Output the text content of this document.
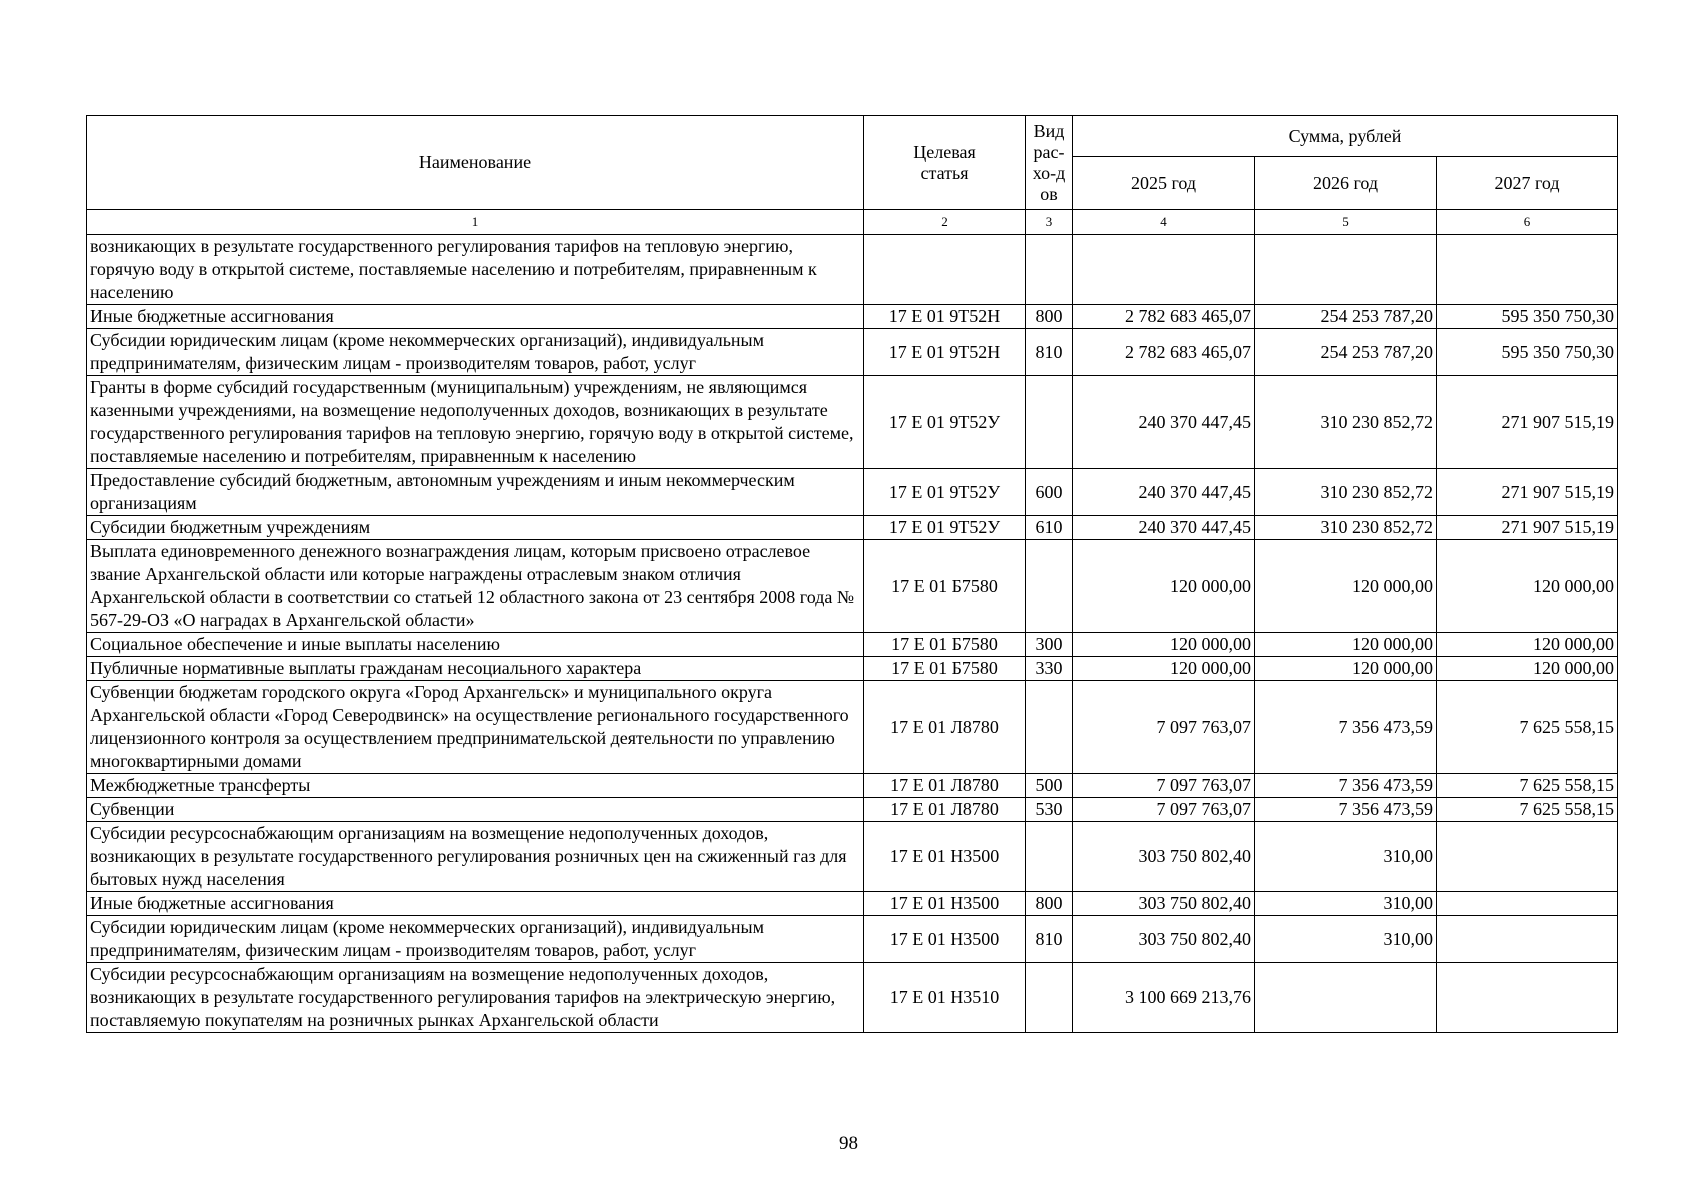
Наименование	Целевая статья	Вид рас-хо-дов	Сумма, рублей		
			2025 год	2026 год	2027 год
1	2	3	4	5	6
возникающих в результате государственного регулирования тарифов на тепловую энергию, горячую воду в открытой системе, поставляемые населению и потребителям, приравненным к населению					
Иные бюджетные ассигнования	17 Е 01 9Т52Н	800	2 782 683 465,07	254 253 787,20	595 350 750,30
Субсидии юридическим лицам (кроме некоммерческих организаций), индивидуальным предпринимателям, физическим лицам - производителям товаров, работ, услуг	17 Е 01 9Т52Н	810	2 782 683 465,07	254 253 787,20	595 350 750,30
Гранты в форме субсидий государственным (муниципальным) учреждениям, не являющимся казенными учреждениями, на возмещение недополученных доходов, возникающих в результате государственного регулирования тарифов на тепловую энергию, горячую воду в открытой системе, поставляемые населению и потребителям, приравненным к населению	17 Е 01 9Т52У		240 370 447,45	310 230 852,72	271 907 515,19
Предоставление субсидий бюджетным, автономным учреждениям и иным некоммерческим организациям	17 Е 01 9Т52У	600	240 370 447,45	310 230 852,72	271 907 515,19
Субсидии бюджетным учреждениям	17 Е 01 9Т52У	610	240 370 447,45	310 230 852,72	271 907 515,19
Выплата единовременного денежного вознаграждения лицам, которым присвоено отраслевое звание Архангельской области или которые награждены отраслевым знаком отличия Архангельской области в соответствии со статьей 12 областного закона от 23 сентября 2008 года № 567-29-ОЗ «О наградах в Архангельской области»	17 Е 01 Б7580		120 000,00	120 000,00	120 000,00
Социальное обеспечение и иные выплаты населению	17 Е 01 Б7580	300	120 000,00	120 000,00	120 000,00
Публичные нормативные выплаты гражданам несоциального характера	17 Е 01 Б7580	330	120 000,00	120 000,00	120 000,00
Субвенции бюджетам городского округа «Город Архангельск» и муниципального округа Архангельской области «Город Северодвинск» на осуществление регионального государственного лицензионного контроля за осуществлением предпринимательской деятельности по управлению многоквартирными домами	17 Е 01 Л8780		7 097 763,07	7 356 473,59	7 625 558,15
Межбюджетные трансферты	17 Е 01 Л8780	500	7 097 763,07	7 356 473,59	7 625 558,15
Субвенции	17 Е 01 Л8780	530	7 097 763,07	7 356 473,59	7 625 558,15
Субсидии ресурсоснабжающим организациям на возмещение недополученных доходов, возникающих в результате государственного регулирования розничных цен на сжиженный газ для бытовых нужд населения	17 Е 01 Н3500		303 750 802,40	310,00	
Иные бюджетные ассигнования	17 Е 01 Н3500	800	303 750 802,40	310,00	
Субсидии юридическим лицам (кроме некоммерческих организаций), индивидуальным предпринимателям, физическим лицам - производителям товаров, работ, услуг	17 Е 01 Н3500	810	303 750 802,40	310,00	
Субсидии ресурсоснабжающим организациям на возмещение недополученных доходов, возникающих в результате государственного регулирования тарифов на электрическую энергию, поставляемую покупателям на розничных рынках Архангельской области	17 Е 01 Н3510		3 100 669 213,76		
98
